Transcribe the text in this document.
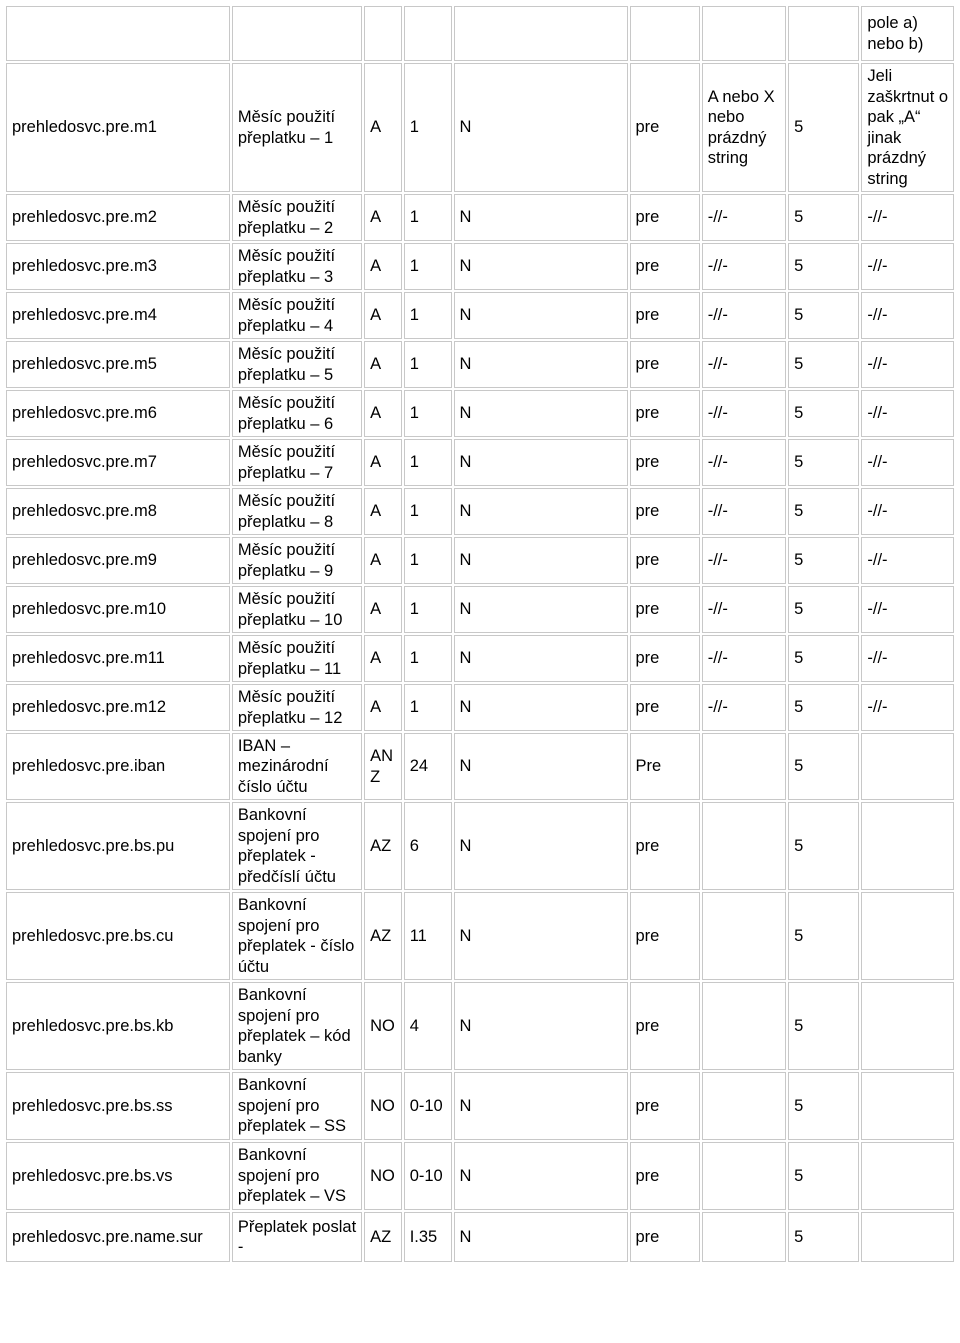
								pole a) nebo b)
prehledosvc.pre.m1	Měsíc použití přeplatku – 1	A	1	N	pre	A nebo X nebo prázdný string	5	Jeli zaškrtnut o pak „A“ jinak prázdný string
prehledosvc.pre.m2	Měsíc použití přeplatku – 2	A	1	N	pre	-//-	5	-//-
prehledosvc.pre.m3	Měsíc použití přeplatku – 3	A	1	N	pre	-//-	5	-//-
prehledosvc.pre.m4	Měsíc použití přeplatku – 4	A	1	N	pre	-//-	5	-//-
prehledosvc.pre.m5	Měsíc použití přeplatku – 5	A	1	N	pre	-//-	5	-//-
prehledosvc.pre.m6	Měsíc použití přeplatku – 6	A	1	N	pre	-//-	5	-//-
prehledosvc.pre.m7	Měsíc použití přeplatku – 7	A	1	N	pre	-//-	5	-//-
prehledosvc.pre.m8	Měsíc použití přeplatku – 8	A	1	N	pre	-//-	5	-//-
prehledosvc.pre.m9	Měsíc použití přeplatku – 9	A	1	N	pre	-//-	5	-//-
prehledosvc.pre.m10	Měsíc použití přeplatku – 10	A	1	N	pre	-//-	5	-//-
prehledosvc.pre.m11	Měsíc použití přeplatku – 11	A	1	N	pre	-//-	5	-//-
prehledosvc.pre.m12	Měsíc použití přeplatku – 12	A	1	N	pre	-//-	5	-//-
prehledosvc.pre.iban	IBAN – mezinárodní číslo účtu	AN Z	24	N	Pre		5	
prehledosvc.pre.bs.pu	Bankovní spojení pro přeplatek - předčíslí účtu	AZ	6	N	pre		5	
prehledosvc.pre.bs.cu	Bankovní spojení pro přeplatek - číslo účtu	AZ	11	N	pre		5	
prehledosvc.pre.bs.kb	Bankovní spojení pro přeplatek – kód banky	NO	4	N	pre		5	
prehledosvc.pre.bs.ss	Bankovní spojení pro přeplatek – SS	NO	0-10	N	pre		5	
prehledosvc.pre.bs.vs	Bankovní spojení pro přeplatek – VS	NO	0-10	N	pre		5	
prehledosvc.pre.name.sur	Přeplatek poslat -	AZ	I.35	N	pre		5	
